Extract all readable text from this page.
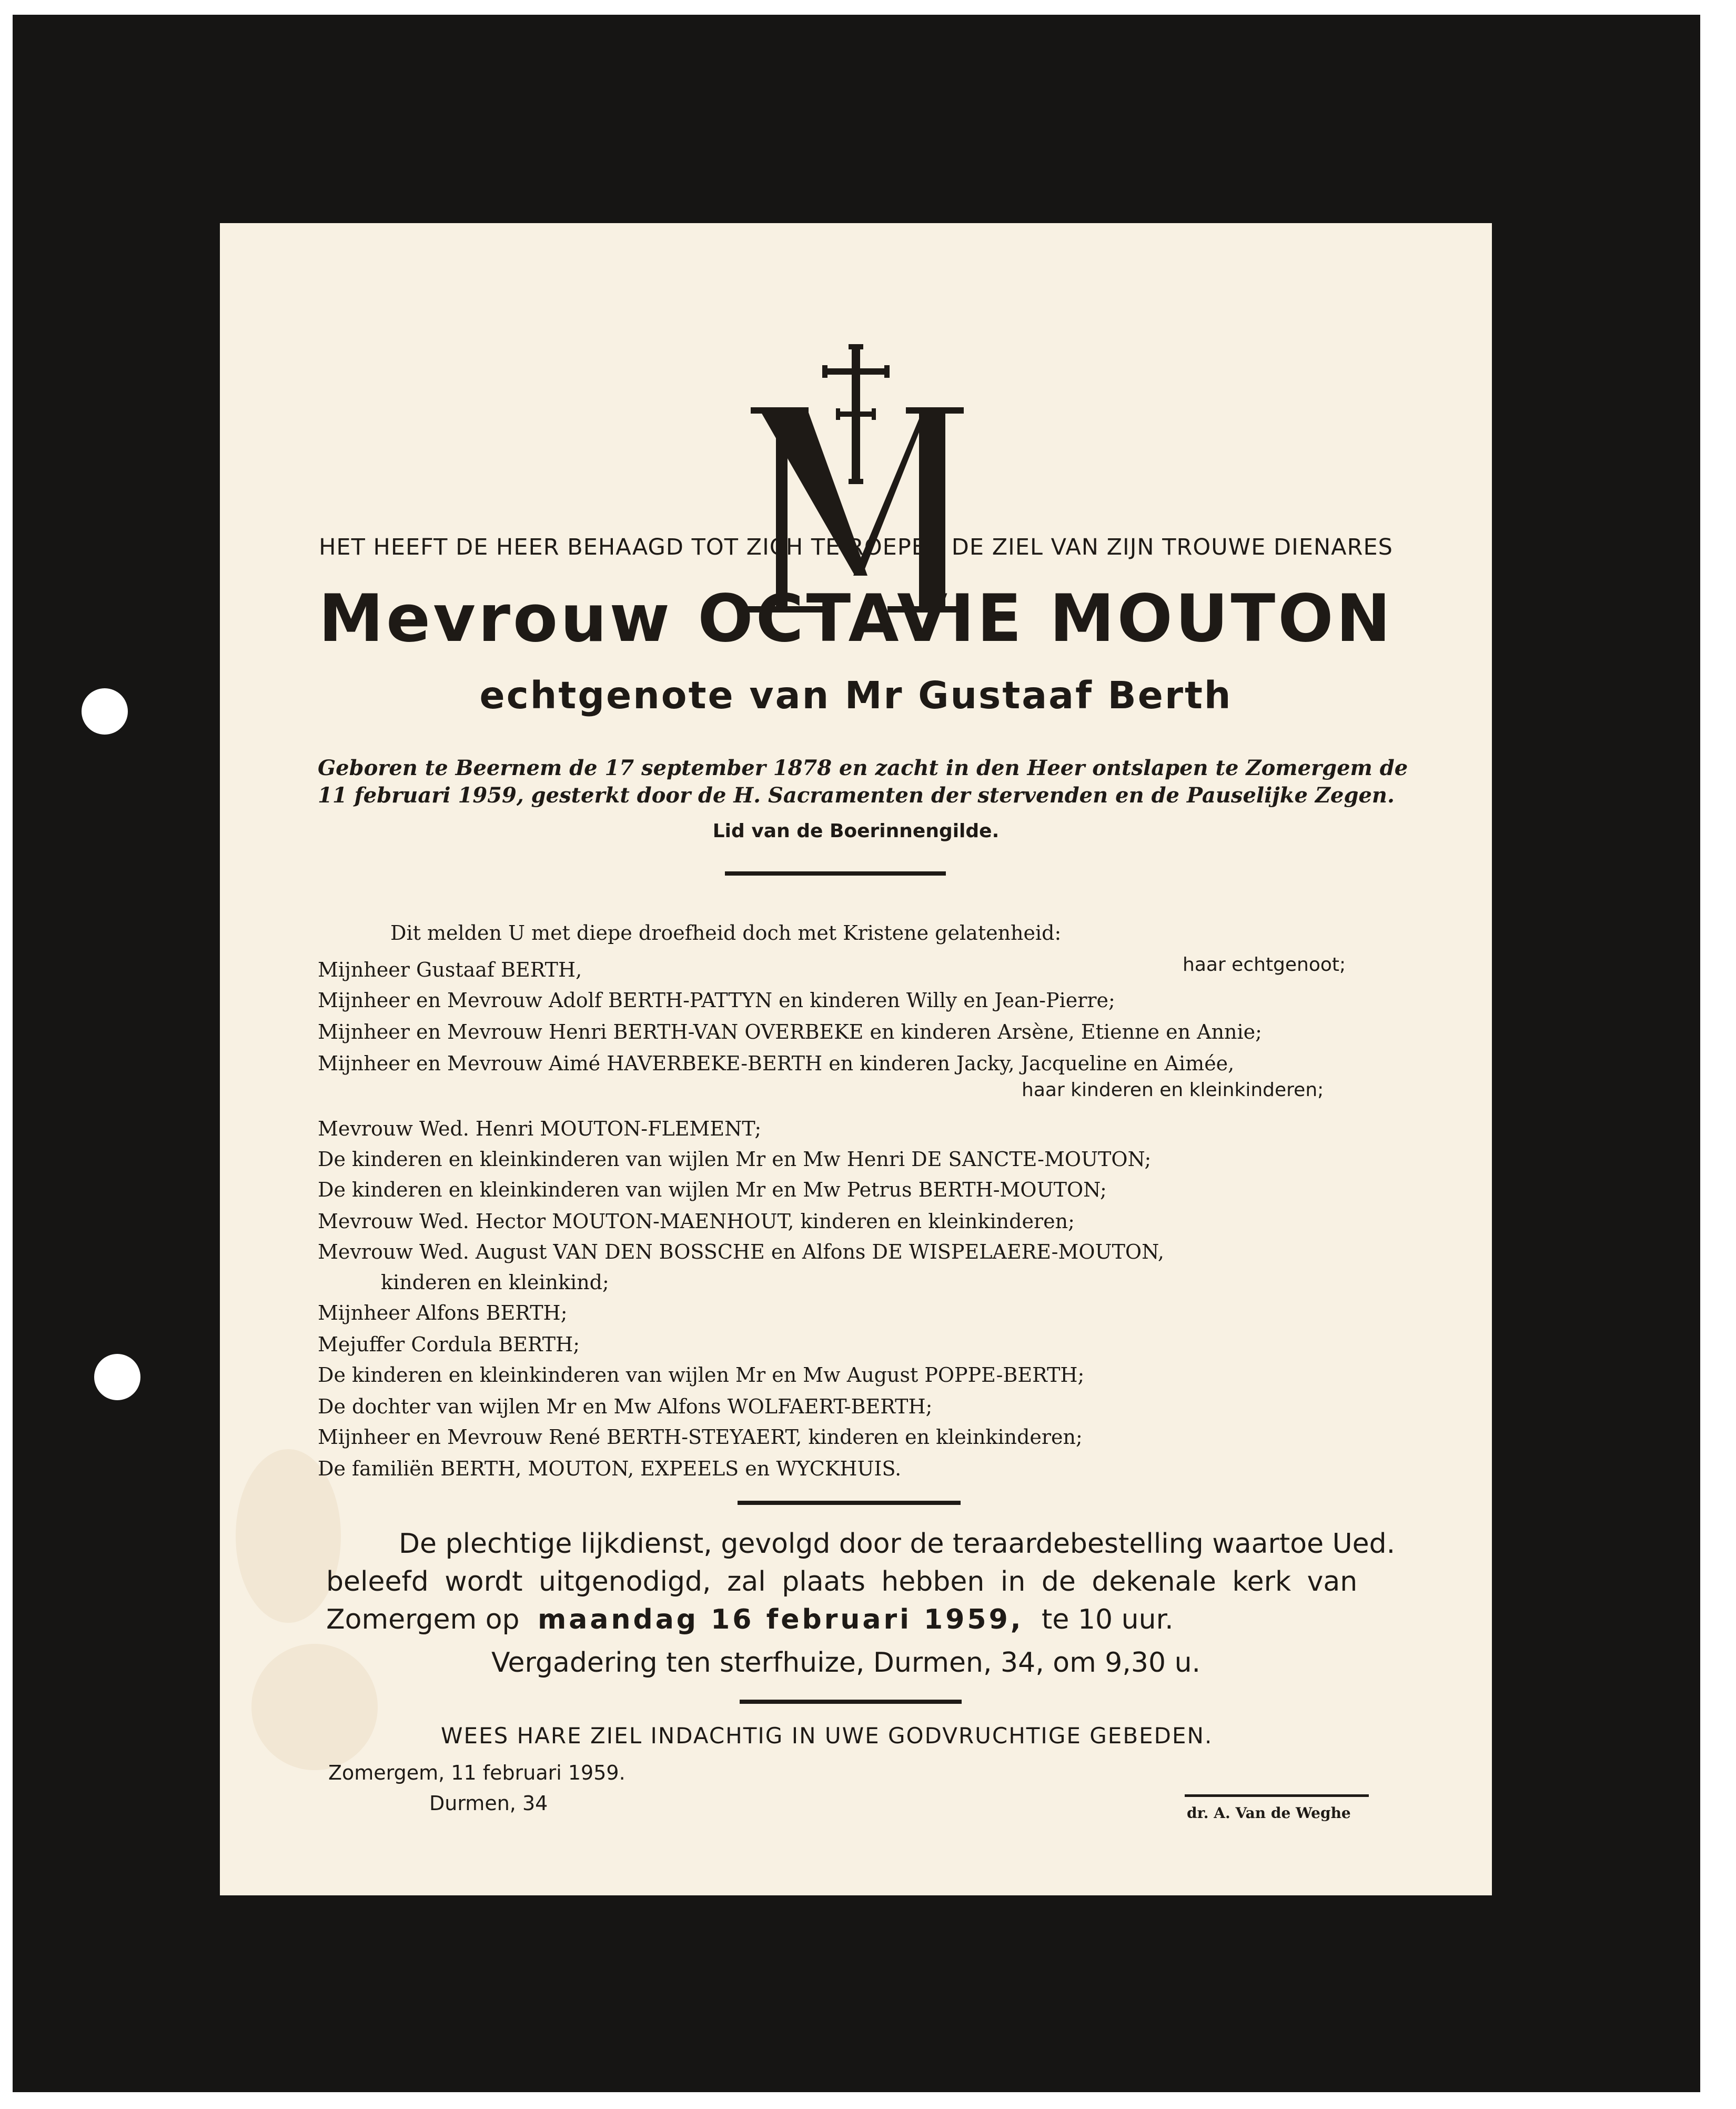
HET HEEFT DE HEER BEHAAGD TOT ZICH TE ROEPEN DE ZIEL VAN ZIJN TROUWE DIENARES
Mevrouw OCTAVIE MOUTON
echtgenote van Mr Gustaaf Berth
Geboren te Beernem de 17 september 1878 en zacht in den Heer ontslapen te Zomergem de
11 februari 1959, gesterkt door de H. Sacramenten der stervenden en de Pauselijke Zegen.
Lid van de Boerinnengilde.
Dit melden U met diepe droefheid doch met Kristene gelatenheid:
Mijnheer Gustaaf BERTH,	haar echtgenoot;
Mijnheer en Mevrouw Adolf BERTH-PATTYN en kinderen Willy en Jean-Pierre;
Mijnheer en Mevrouw Henri BERTH-VAN OVERBEKE en kinderen Arsène, Etienne en Annie;
Mijnheer en Mevrouw Aimé HAVERBEKE-BERTH en kinderen Jacky, Jacqueline en Aimée,
haar kinderen en kleinkinderen;
Mevrouw Wed. Henri MOUTON-FLEMENT;
De kinderen en kleinkinderen van wijlen Mr en Mw Henri DE SANCTE-MOUTON;
De kinderen en kleinkinderen van wijlen Mr en Mw Petrus BERTH-MOUTON;
Mevrouw Wed. Hector MOUTON-MAENHOUT, kinderen en kleinkinderen;
Mevrouw Wed. August VAN DEN BOSSCHE en Alfons DE WISPELAERE-MOUTON,
kinderen en kleinkind;
Mijnheer Alfons BERTH;
Mejuffer Cordula BERTH;
De kinderen en kleinkinderen van wijlen Mr en Mw August POPPE-BERTH;
De dochter van wijlen Mr en Mw Alfons WOLFAERT-BERTH;
Mijnheer en Mevrouw René BERTH-STEYAERT, kinderen en kleinkinderen;
De familiën BERTH, MOUTON, EXPEELS en WYCKHUIS.
De plechtige lijkdienst, gevolgd door de teraardebestelling waartoe Ued.
beleefd wordt uitgenodigd, zal plaats hebben in de dekenale kerk van
Zomergem op maandag 16 februari 1959, te 10 uur.
Vergadering ten sterfhuize, Durmen, 34, om 9,30 u.
WEES HARE ZIEL INDACHTIG IN UWE GODVRUCHTIGE GEBEDEN.
Zomergem, 11 februari 1959.
Durmen, 34	dr. A. Van de Weghe
